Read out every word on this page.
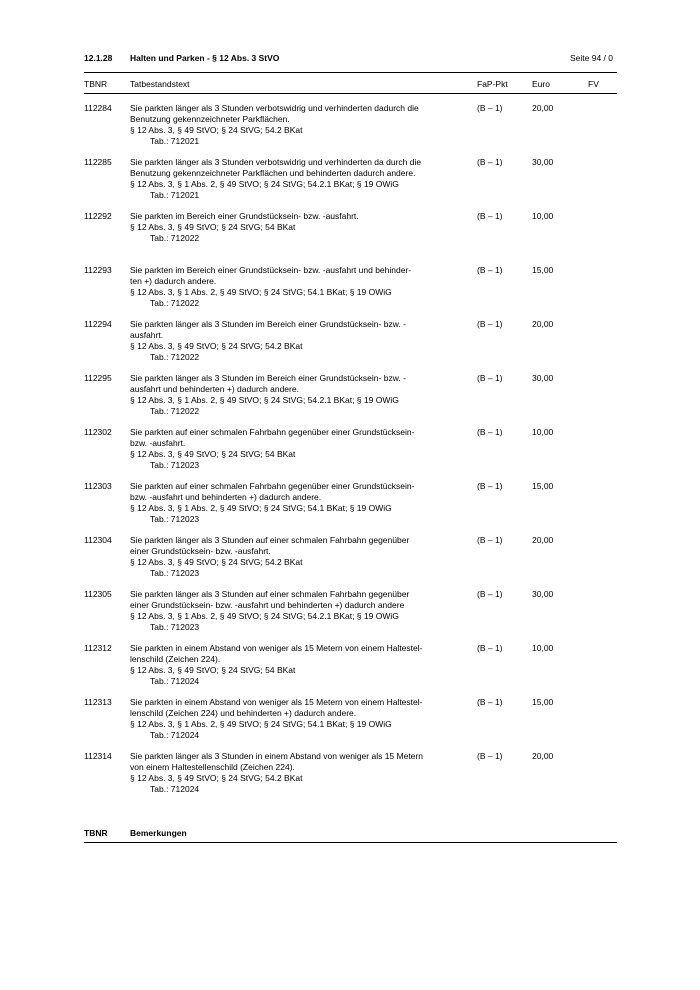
12.1.28 Halten und Parken - § 12 Abs. 3 StVO	Seite 94 / 0
TBNR	Tatbestandstext	FaP-Pkt	Euro	FV
112284 Sie parkten länger als 3 Stunden verbotswidrig und verhinderten dadurch die
Benutzung gekennzeichneter Parkflächen.
§ 12 Abs. 3, § 49 StVO; § 24 StVG; 54.2 BKat
Tab.: 712021
(B – 1)	20,00
112285 Sie parkten länger als 3 Stunden verbotswidrig und verhinderten da durch die
Benutzung gekennzeichneter Parkflächen und behinderten dadurch andere.
§ 12 Abs. 3, § 1 Abs. 2, § 49 StVO; § 24 StVG; 54.2.1 BKat; § 19 OWiG
Tab.: 712021
(B – 1)	30,00
112292 Sie parkten im Bereich einer Grundstücksein- bzw. -ausfahrt.
§ 12 Abs. 3, § 49 StVO; § 24 StVG; 54 BKat
Tab.: 712022
(B – 1)	10,00
112293 Sie parkten im Bereich einer Grundstücksein- bzw. -ausfahrt und behinder-
ten +) dadurch andere.
§ 12 Abs. 3, § 1 Abs. 2, § 49 StVO; § 24 StVG; 54.1 BKat; § 19 OWiG
Tab.: 712022
(B – 1)	15,00
112294 Sie parkten länger als 3 Stunden im Bereich einer Grundstücksein- bzw. -
ausfahrt.
§ 12 Abs. 3, § 49 StVO; § 24 StVG; 54.2 BKat
Tab.: 712022
(B – 1)	20,00
112295 Sie parkten länger als 3 Stunden im Bereich einer Grundstücksein- bzw. -
ausfahrt und behinderten +) dadurch andere.
§ 12 Abs. 3, § 1 Abs. 2, § 49 StVO; § 24 StVG; 54.2.1 BKat; § 19 OWiG
Tab.: 712022
(B – 1)	30,00
112302 Sie parkten auf einer schmalen Fahrbahn gegenüber einer Grundstücksein-
bzw. -ausfahrt.
§ 12 Abs. 3, § 49 StVO; § 24 StVG; 54 BKat
Tab.: 712023
(B – 1)	10,00
112303 Sie parkten auf einer schmalen Fahrbahn gegenüber einer Grundstücksein-
bzw. -ausfahrt und behinderten +) dadurch andere.
§ 12 Abs. 3, § 1 Abs. 2, § 49 StVO; § 24 StVG; 54.1 BKat; § 19 OWiG
Tab.: 712023
(B – 1)	15,00
112304 Sie parkten länger als 3 Stunden auf einer schmalen Fahrbahn gegenüber
einer Grundstücksein- bzw. -ausfahrt.
§ 12 Abs. 3, § 49 StVO; § 24 StVG; 54.2 BKat
Tab.: 712023
(B – 1)	20,00
112305 Sie parkten länger als 3 Stunden auf einer schmalen Fahrbahn gegenüber
einer Grundstücksein- bzw. -ausfahrt und behinderten +) dadurch andere
§ 12 Abs. 3, § 1 Abs. 2, § 49 StVO; § 24 StVG; 54.2.1 BKat; § 19 OWiG
Tab.: 712023
(B – 1)	30,00
112312 Sie parkten in einem Abstand von weniger als 15 Metern von einem Haltestel-
lenschild (Zeichen 224).
§ 12 Abs. 3, § 49 StVO; § 24 StVG; 54 BKat
Tab.: 712024
(B – 1)	10,00
112313 Sie parkten in einem Abstand von weniger als 15 Metern von einem Haltestel-
lenschild (Zeichen 224) und behinderten +) dadurch andere.
§ 12 Abs. 3, § 1 Abs. 2, § 49 StVO; § 24 StVG; 54.1 BKat; § 19 OWiG
Tab.: 712024
(B – 1)	15,00
112314 Sie parkten länger als 3 Stunden in einem Abstand von weniger als 15 Metern
von einem Haltestellenschild (Zeichen 224).
§ 12 Abs. 3, § 49 StVO; § 24 StVG; 54.2 BKat
Tab.: 712024
(B – 1)	20,00
TBNR	Bemerkungen
